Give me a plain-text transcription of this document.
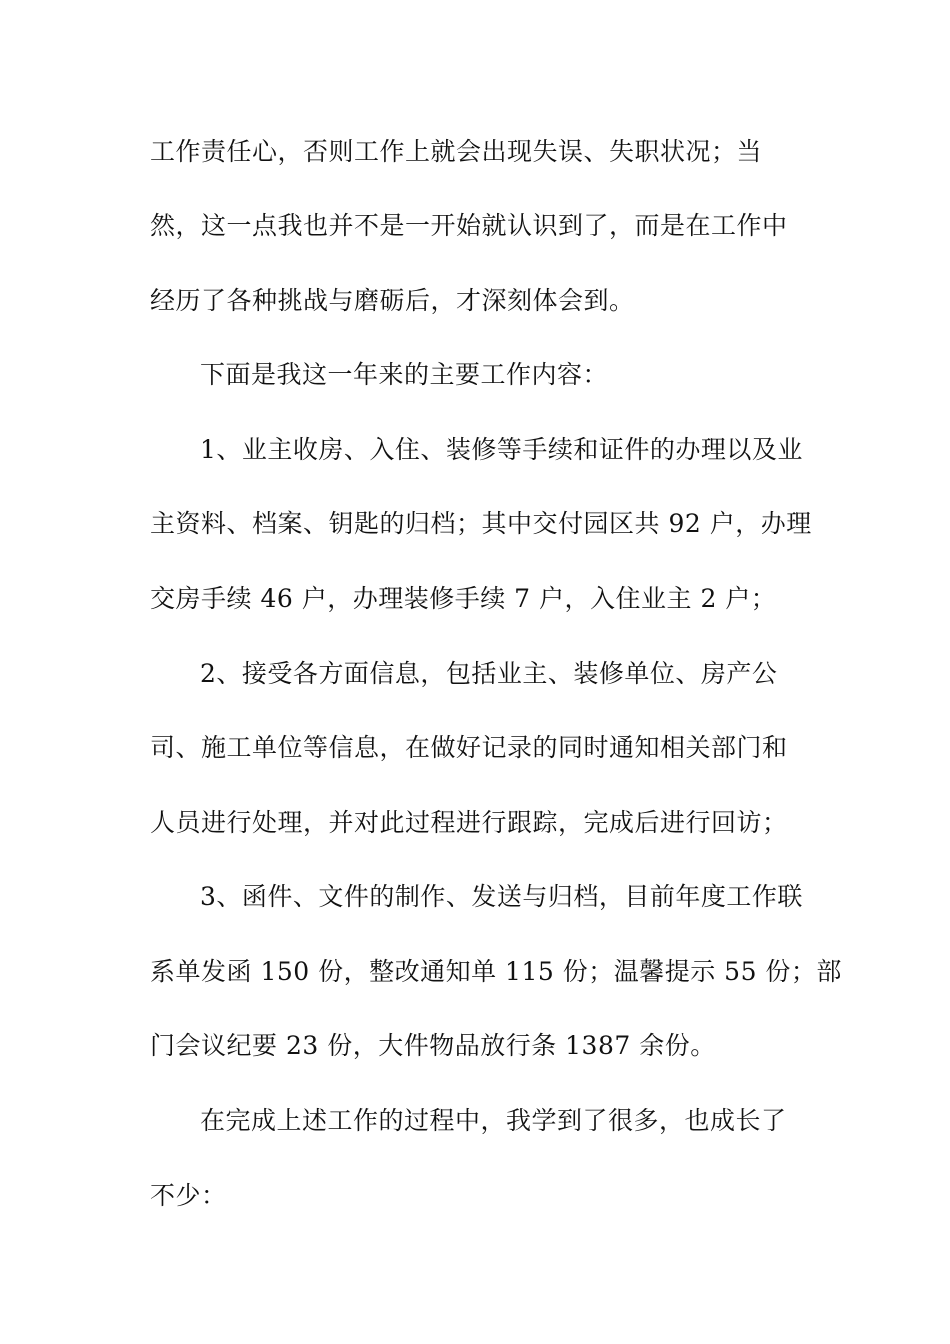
工作责任心，否则工作上就会出现失误、失职状况；当
然，这一点我也并不是一开始就认识到了，而是在工作中
经历了各种挑战与磨砺后，才深刻体会到。
下面是我这一年来的主要工作内容：
1、业主收房、入住、装修等手续和证件的办理以及业
主资料、档案、钥匙的归档；其中交付园区共 92 户，办理
交房手续 46 户，办理装修手续 7 户，入住业主 2 户；
2、接受各方面信息，包括业主、装修单位、房产公
司、施工单位等信息，在做好记录的同时通知相关部门和
人员进行处理，并对此过程进行跟踪，完成后进行回访；
3、函件、文件的制作、发送与归档，目前年度工作联
系单发函 150 份，整改通知单 115 份；温馨提示 55 份；部
门会议纪要 23 份，大件物品放行条 1387 余份。
在完成上述工作的过程中，我学到了很多，也成长了
不少：
